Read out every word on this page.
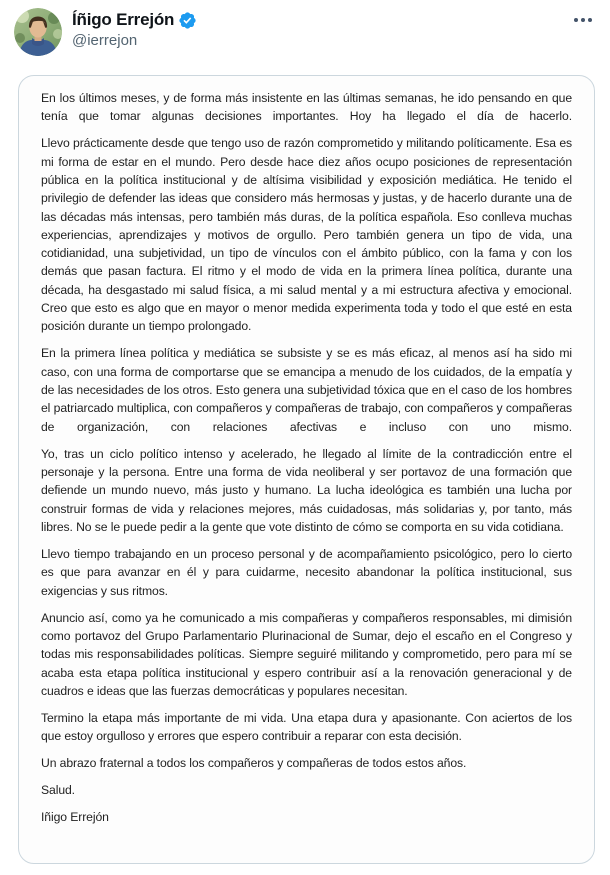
Íñigo Errejón
@ierrejon

En los últimos meses, y de forma más insistente en las últimas semanas, he ido pensando en que tenía que tomar algunas decisiones importantes. Hoy ha llegado el día de hacerlo.

Llevo prácticamente desde que tengo uso de razón comprometido y militando políticamente. Esa es mi forma de estar en el mundo. Pero desde hace diez años ocupo posiciones de representación pública en la política institucional y de altísima visibilidad y exposición mediática. He tenido el privilegio de defender las ideas que considero más hermosas y justas, y de hacerlo durante una de las décadas más intensas, pero también más duras, de la política española. Eso conlleva muchas experiencias, aprendizajes y motivos de orgullo. Pero también genera un tipo de vida, una cotidianidad, una subjetividad, un tipo de vínculos con el ámbito público, con la fama y con los demás que pasan factura. El ritmo y el modo de vida en la primera línea política, durante una década, ha desgastado mi salud física, a mi salud mental y a mi estructura afectiva y emocional. Creo que esto es algo que en mayor o menor medida experimenta toda y todo el que esté en esta posición durante un tiempo prolongado.

En la primera línea política y mediática se subsiste y se es más eficaz, al menos así ha sido mi caso, con una forma de comportarse que se emancipa a menudo de los cuidados, de la empatía y de las necesidades de los otros. Esto genera una subjetividad tóxica que en el caso de los hombres el patriarcado multiplica, con compañeros y compañeras de trabajo, con compañeros y compañeras de organización, con relaciones afectivas e incluso con uno mismo.

Yo, tras un ciclo político intenso y acelerado, he llegado al límite de la contradicción entre el personaje y la persona. Entre una forma de vida neoliberal y ser portavoz de una formación que defiende un mundo nuevo, más justo y humano. La lucha ideológica es también una lucha por construir formas de vida y relaciones mejores, más cuidadosas, más solidarias y, por tanto, más libres. No se le puede pedir a la gente que vote distinto de cómo se comporta en su vida cotidiana.

Llevo tiempo trabajando en un proceso personal y de acompañamiento psicológico, pero lo cierto es que para avanzar en él y para cuidarme, necesito abandonar la política institucional, sus exigencias y sus ritmos.

Anuncio así, como ya he comunicado a mis compañeras y compañeros responsables, mi dimisión como portavoz del Grupo Parlamentario Plurinacional de Sumar, dejo el escaño en el Congreso y todas mis responsabilidades políticas. Siempre seguiré militando y comprometido, pero para mí se acaba esta etapa política institucional y espero contribuir así a la renovación generacional y de cuadros e ideas que las fuerzas democráticas y populares necesitan.

Termino la etapa más importante de mi vida. Una etapa dura y apasionante. Con aciertos de los que estoy orgulloso y errores que espero contribuir a reparar con esta decisión.

Un abrazo fraternal a todos los compañeros y compañeras de todos estos años.

Salud.

Iñigo Errejón
